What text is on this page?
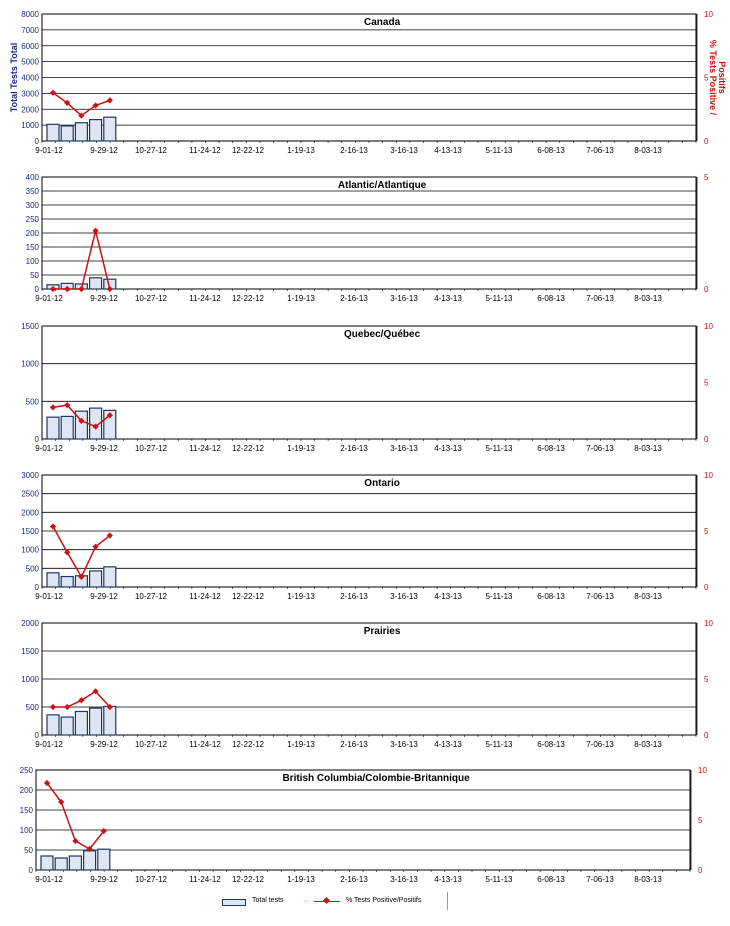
0
1000
2000
3000
4000
5000
6000
7000
8000
0
5
10
9-01-12	9-29-12 10-27-12	11-24-12 12-22-12	1-19-13	2-16-13	3-16-13 4-13-13	5-11-13	6-08-13	7-06-13	8-03-13
Canada
Total Tests Total	% Tests Positive / Positifs
0
50
100
150
200
250
300
350
400
0
5
9-01-12	9-29-12 10-27-12	11-24-12 12-22-12	1-19-13	2-16-13	3-16-13 4-13-13	5-11-13	6-08-13	7-06-13	8-03-13
Atlantic/Atlantique
0
500
1000
1500
0
5
10
9-01-12	9-29-12 10-27-12	11-24-12 12-22-12	1-19-13	2-16-13	3-16-13 4-13-13	5-11-13	6-08-13	7-06-13	8-03-13
Quebec/Québec
0
500
1000
1500
2000
2500
3000
0
5
10
9-01-12	9-29-12 10-27-12	11-24-12 12-22-12	1-19-13	2-16-13	3-16-13 4-13-13	5-11-13	6-08-13	7-06-13	8-03-13
Ontario
0
500
1000
1500
2000
0
5
10
9-01-12	9-29-12 10-27-12	11-24-12 12-22-12	1-19-13	2-16-13	3-16-13 4-13-13	5-11-13	6-08-13	7-06-13	8-03-13
Prairies
0
50
100
150
200
250
0
5
10
9-01-12	9-29-12 10-27-12	11-24-12 12-22-12	1-19-13	2-16-13	3-16-13 4-13-13	5-11-13	6-08-13	7-06-13	8-03-13
British Columbia/Colombie-Britannique
Total tests	% Tests Positive/Positifs
